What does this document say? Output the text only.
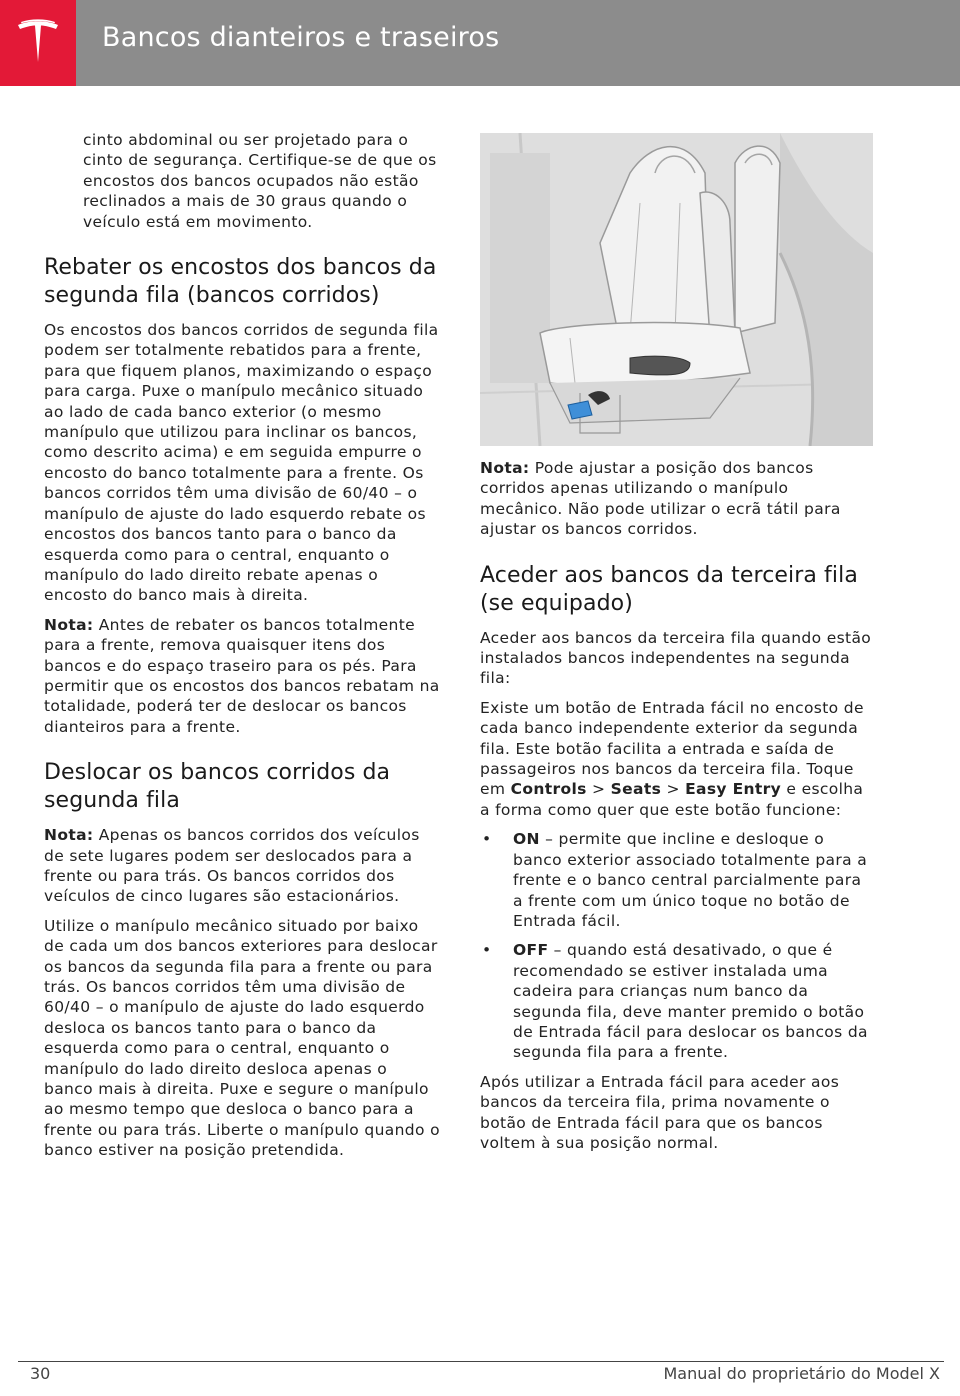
Bancos dianteiros e traseiros

cinto abdominal ou ser projetado para o cinto de segurança. Certifique-se de que os encostos dos bancos ocupados não estão reclinados a mais de 30 graus quando o veículo está em movimento.

Rebater os encostos dos bancos da segunda fila (bancos corridos)

Os encostos dos bancos corridos de segunda fila podem ser totalmente rebatidos para a frente, para que fiquem planos, maximizando o espaço para carga. Puxe o manípulo mecânico situado ao lado de cada banco exterior (o mesmo manípulo que utilizou para inclinar os bancos, como descrito acima) e em seguida empurre o encosto do banco totalmente para a frente. Os bancos corridos têm uma divisão de 60/40 – o manípulo de ajuste do lado esquerdo rebate os encostos dos bancos tanto para o banco da esquerda como para o central, enquanto o manípulo do lado direito rebate apenas o encosto do banco mais à direita.

Nota: Antes de rebater os bancos totalmente para a frente, remova quaisquer itens dos bancos e do espaço traseiro para os pés. Para permitir que os encostos dos bancos rebatam na totalidade, poderá ter de deslocar os bancos dianteiros para a frente.

Deslocar os bancos corridos da segunda fila

Nota: Apenas os bancos corridos dos veículos de sete lugares podem ser deslocados para a frente ou para trás. Os bancos corridos dos veículos de cinco lugares são estacionários.

Utilize o manípulo mecânico situado por baixo de cada um dos bancos exteriores para deslocar os bancos da segunda fila para a frente ou para trás. Os bancos corridos têm uma divisão de 60/40 – o manípulo de ajuste do lado esquerdo desloca os bancos tanto para o banco da esquerda como para o central, enquanto o manípulo do lado direito desloca apenas o banco mais à direita. Puxe e segure o manípulo ao mesmo tempo que desloca o banco para a frente ou para trás. Liberte o manípulo quando o banco estiver na posição pretendida.

Nota: Pode ajustar a posição dos bancos corridos apenas utilizando o manípulo mecânico. Não pode utilizar o ecrã tátil para ajustar os bancos corridos.

Aceder aos bancos da terceira fila (se equipado)

Aceder aos bancos da terceira fila quando estão instalados bancos independentes na segunda fila:

Existe um botão de Entrada fácil no encosto de cada banco independente exterior da segunda fila. Este botão facilita a entrada e saída de passageiros nos bancos da terceira fila. Toque em Controls > Seats > Easy Entry e escolha a forma como quer que este botão funcione:

• ON – permite que incline e desloque o banco exterior associado totalmente para a frente e o banco central parcialmente para a frente com um único toque no botão de Entrada fácil.
• OFF – quando está desativado, o que é recomendado se estiver instalada uma cadeira para crianças num banco da segunda fila, deve manter premido o botão de Entrada fácil para deslocar os bancos da segunda fila para a frente.

Após utilizar a Entrada fácil para aceder aos bancos da terceira fila, prima novamente o botão de Entrada fácil para que os bancos voltem à sua posição normal.

30	Manual do proprietário do Model X
